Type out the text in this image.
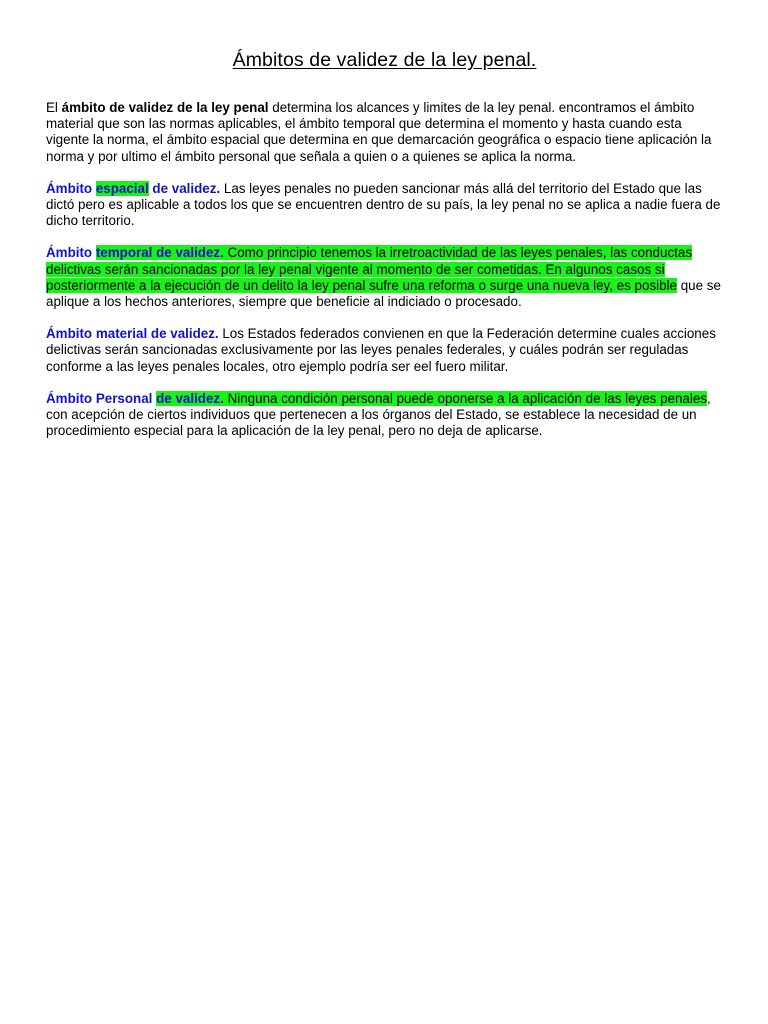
Ámbitos de validez de la ley penal.

El ámbito de validez de la ley penal determina los alcances y limites de la ley penal. encontramos el ámbito material que son las normas aplicables, el ámbito temporal que determina el momento y hasta cuando esta vigente la norma, el ámbito espacial que determina en que demarcación geográfica o espacio tiene aplicación la norma y por ultimo el ámbito personal que señala a quien o a quienes se aplica la norma.

Ámbito espacial de validez. Las leyes penales no pueden sancionar más allá del territorio del Estado que las dictó pero es aplicable a todos los que se encuentren dentro de su país, la ley penal no se aplica a nadie fuera de dicho territorio.

Ámbito temporal de validez. Como principio tenemos la irretroactividad de las leyes penales, las conductas delictivas serán sancionadas por la ley penal vigente al momento de ser cometidas. En algunos casos si posteriormente a la ejecución de un delito la ley penal sufre una reforma o surge una nueva ley, es posible que se aplique a los hechos anteriores, siempre que beneficie al indiciado o procesado.

Ámbito material de validez. Los Estados federados convienen en que la Federación determine cuales acciones delictivas serán sancionadas exclusivamente por las leyes penales federales, y cuáles podrán ser reguladas conforme a las leyes penales locales, otro ejemplo podría ser eel fuero militar.

Ámbito Personal de validez. Ninguna condición personal puede oponerse a la aplicación de las leyes penales, con acepción de ciertos individuos que pertenecen a los órganos del Estado, se establece la necesidad de un procedimiento especial para la aplicación de la ley penal, pero no deja de aplicarse.
